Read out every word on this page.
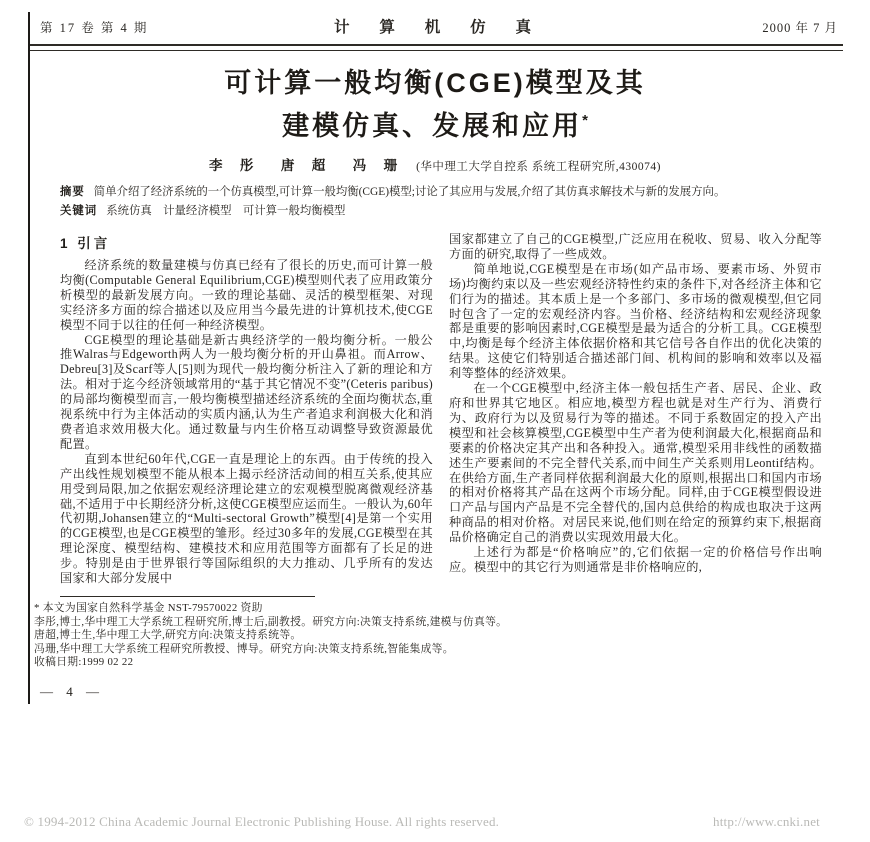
第 17 卷 第 4 期	计 算 机 仿 真	2000 年 7 月
可计算一般均衡(CGE)模型及其
建模仿真、发展和应用*
李 彤　唐 超　冯 珊 (华中理工大学自控系 系统工程研究所,430074)

摘要 简单介绍了经济系统的一个仿真模型,可计算一般均衡(CGE)模型;讨论了其应用与发展,介绍了其仿真求解技术与新的发展方向。

关键词 系统仿真　计量经济模型　可计算一般均衡模型

1 引言

经济系统的数量建模与仿真已经有了很长的历史,而可计算一般均衡(Computable General Equilibrium,CGE)模型则代表了应用政策分析模型的最新发展方向。一致的理论基础、灵活的模型框架、对现实经济多方面的综合描述以及应用当今最先进的计算机技术,使CGE模型不同于以往的任何一种经济模型。

CGE模型的理论基础是新古典经济学的一般均衡分析。一般公推Walras与Edgeworth两人为一般均衡分析的开山鼻祖。而Arrow、Debreu[3]及Scarf等人[5]则为现代一般均衡分析注入了新的理论和方法。相对于迄今经济领域常用的“基于其它情况不变”(Ceteris paribus)的局部均衡模型而言,一般均衡模型描述经济系统的全面均衡状态,重视系统中行为主体活动的实质内涵,认为生产者追求利润极大化和消费者追求效用极大化。通过数量与内生价格互动调整导致资源最优配置。

直到本世纪60年代,CGE一直是理论上的东西。由于传统的投入产出线性规划模型不能从根本上揭示经济活动间的相互关系,使其应用受到局限,加之依据宏观经济理论建立的宏观模型脱离微观经济基础,不适用于中长期经济分析,这使CGE模型应运而生。一般认为,60年代初期,Johansen建立的“Multi-sectoral Growth”模型[4]是第一个实用的CGE模型,也是CGE模型的雏形。经过30多年的发展,CGE模型在其理论深度、模型结构、建模技术和应用范围等方面都有了长足的进步。特别是由于世界银行等国际组织的大力推动、几乎所有的发达国家和大部分发展中

国家都建立了自己的CGE模型,广泛应用在税收、贸易、收入分配等方面的研究,取得了一些成效。

简单地说,CGE模型是在市场(如产品市场、要素市场、外贸市场)均衡约束以及一些宏观经济特性约束的条件下,对各经济主体和它们行为的描述。其本质上是一个多部门、多市场的微观模型,但它同时包含了一定的宏观经济内容。当价格、经济结构和宏观经济现象都是重要的影响因素时,CGE模型是最为适合的分析工具。CGE模型中,均衡是每个经济主体依据价格和其它信号各自作出的优化决策的结果。这使它们特别适合描述部门间、机构间的影响和效率以及福利等整体的经济效果。

在一个CGE模型中,经济主体一般包括生产者、居民、企业、政府和世界其它地区。相应地,模型方程也就是对生产行为、消费行为、政府行为以及贸易行为等的描述。不同于系数固定的投入产出模型和社会核算模型,CGE模型中生产者为使利润最大化,根据商品和要素的价格决定其产出和各种投入。通常,模型采用非线性的函数描述生产要素间的不完全替代关系,而中间生产关系则用Leontif结构。在供给方面,生产者同样依据利润最大化的原则,根据出口和国内市场的相对价格将其产品在这两个市场分配。同样,由于CGE模型假设进口产品与国内产品是不完全替代的,国内总供给的构成也取决于这两种商品的相对价格。对居民来说,他们则在给定的预算约束下,根据商品价格确定自己的消费以实现效用最大化。

上述行为都是“价格响应”的,它们依据一定的价格信号作出响应。模型中的其它行为则通常是非价格响应的,

* 本文为国家自然科学基金 NST-79570022 资助

李彤,博士,华中理工大学系统工程研究所,博士后,副教授。研究方向:决策支持系统,建模与仿真等。

唐超,博士生,华中理工大学,研究方向:决策支持系统等。

冯珊,华中理工大学系统工程研究所教授、博导。研究方向:决策支持系统,智能集成等。

收稿日期:1999 02 22

— 4 —
© 1994-2012 China Academic Journal Electronic Publishing House. All rights reserved.	http://www.cnki.net
